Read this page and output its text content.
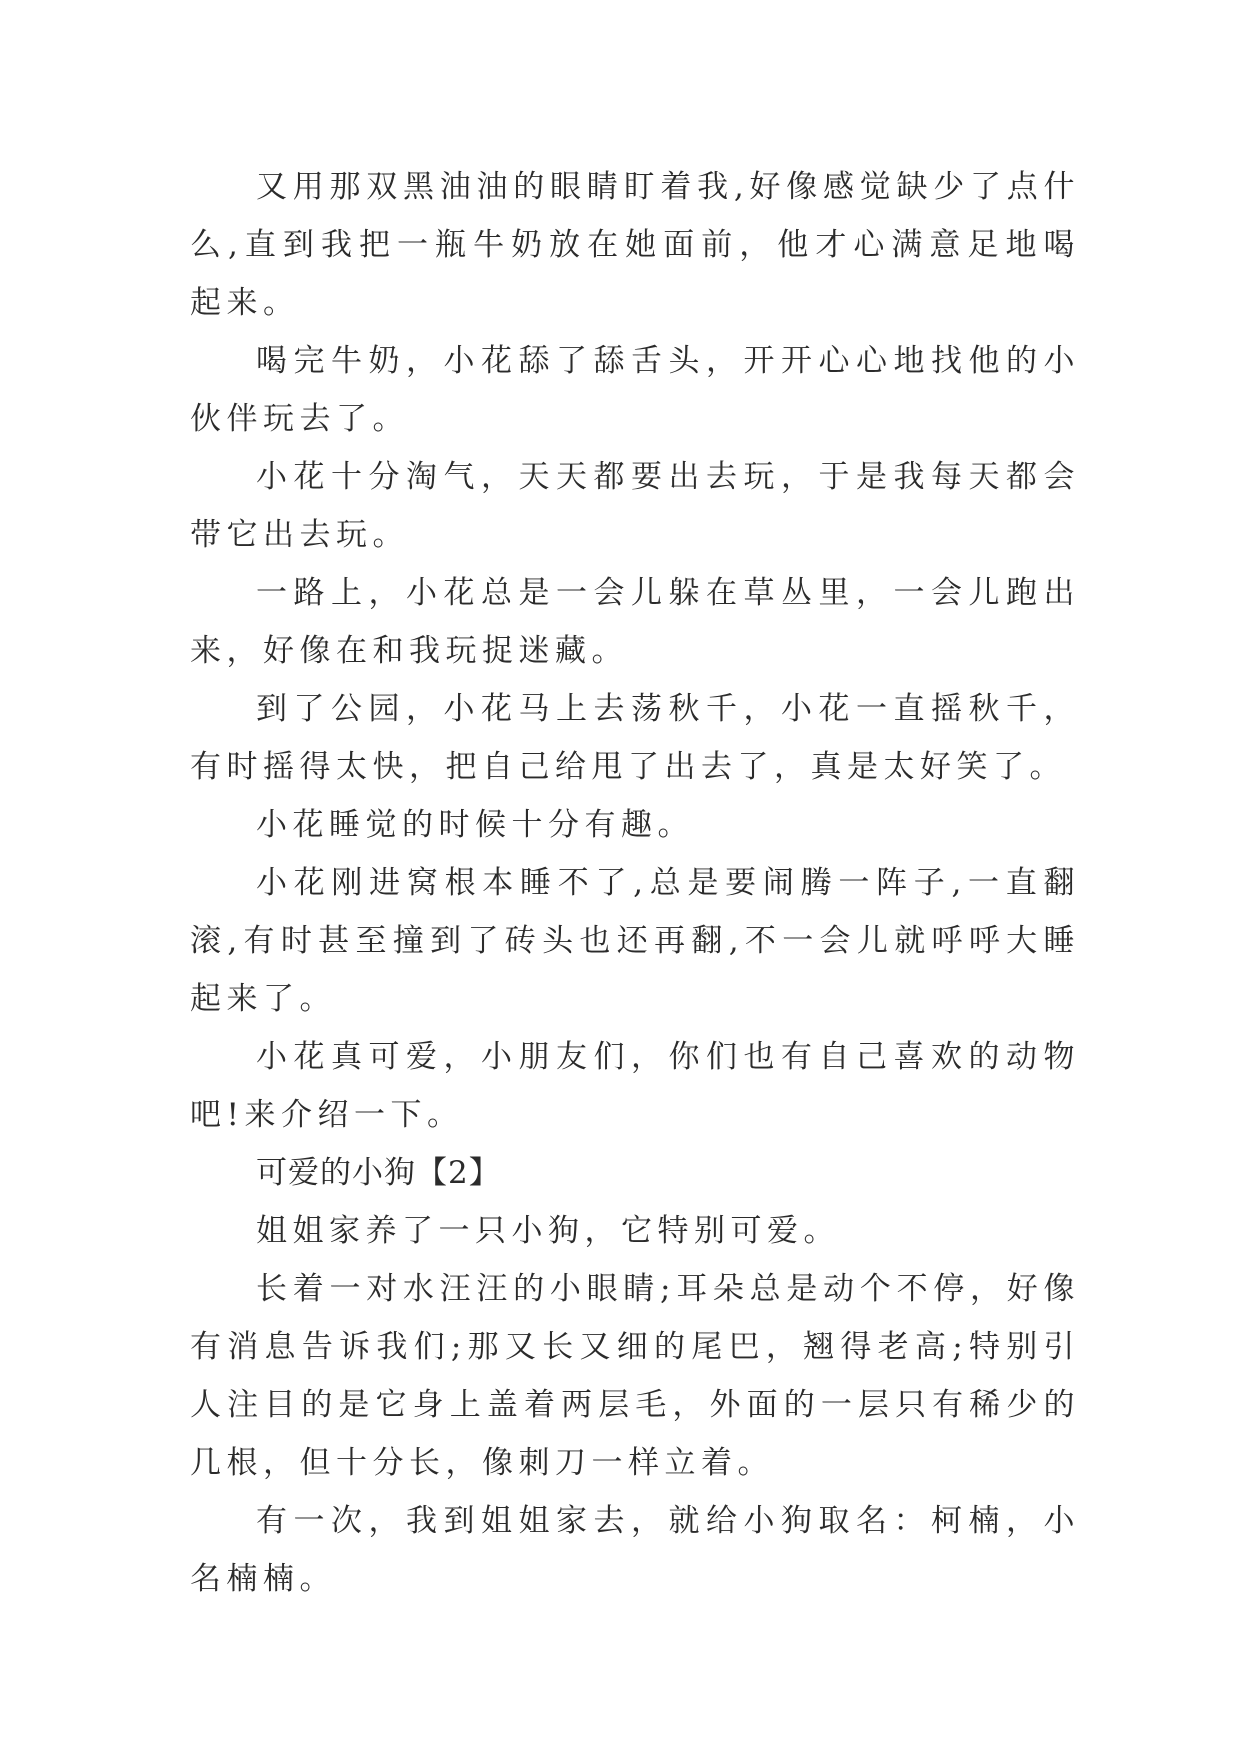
又用那双黑油油的眼睛盯着我,好像感觉缺少了点什么,直到我把一瓶牛奶放在她面前，他才心满意足地喝起来。

喝完牛奶，小花舔了舔舌头，开开心心地找他的小伙伴玩去了。

小花十分淘气，天天都要出去玩，于是我每天都会带它出去玩。

一路上，小花总是一会儿躲在草丛里，一会儿跑出来，好像在和我玩捉迷藏。

到了公园，小花马上去荡秋千，小花一直摇秋千，有时摇得太快，把自己给甩了出去了，真是太好笑了。

小花睡觉的时候十分有趣。

小花刚进窝根本睡不了,总是要闹腾一阵子,一直翻滚,有时甚至撞到了砖头也还再翻,不一会儿就呼呼大睡起来了。

小花真可爱，小朋友们，你们也有自己喜欢的动物吧!来介绍一下。

可爱的小狗【2】

姐姐家养了一只小狗，它特别可爱。

长着一对水汪汪的小眼睛;耳朵总是动个不停，好像有消息告诉我们;那又长又细的尾巴，翘得老高;特别引人注目的是它身上盖着两层毛，外面的一层只有稀少的几根，但十分长，像刺刀一样立着。

有一次，我到姐姐家去，就给小狗取名：柯楠，小名楠楠。
